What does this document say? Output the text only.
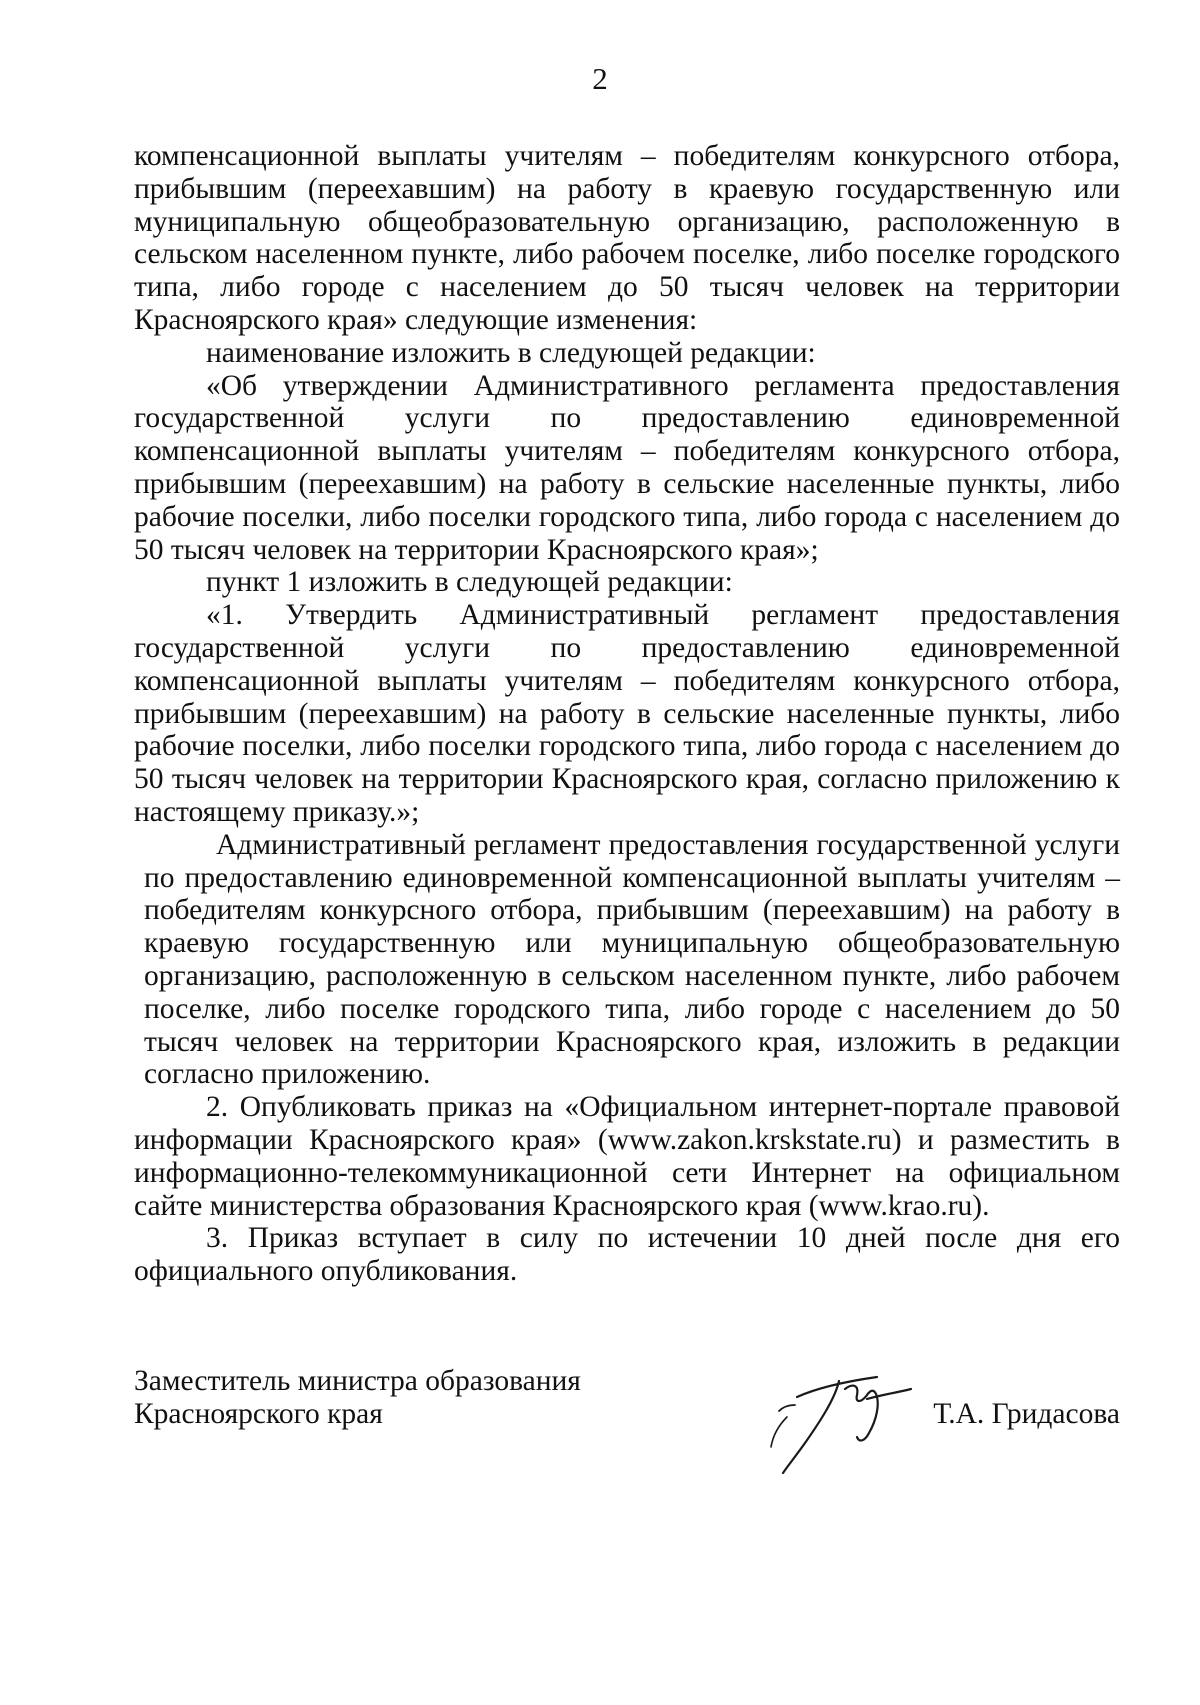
2

компенсационной выплаты учителям – победителям конкурсного отбора, прибывшим (переехавшим) на работу в краевую государственную или муниципальную общеобразовательную организацию, расположенную в сельском населенном пункте, либо рабочем поселке, либо поселке городского типа, либо городе с населением до 50 тысяч человек на территории Красноярского края» следующие изменения:

наименование изложить в следующей редакции:

«Об утверждении Административного регламента предоставления государственной услуги по предоставлению единовременной компенсационной выплаты учителям – победителям конкурсного отбора, прибывшим (переехавшим) на работу в сельские населенные пункты, либо рабочие поселки, либо поселки городского типа, либо города с населением до 50 тысяч человек на территории Красноярского края»;

пункт 1 изложить в следующей редакции:

«1. Утвердить Административный регламент предоставления государственной услуги по предоставлению единовременной компенсационной выплаты учителям – победителям конкурсного отбора, прибывшим (переехавшим) на работу в сельские населенные пункты, либо рабочие поселки, либо поселки городского типа, либо города с населением до 50 тысяч человек на территории Красноярского края, согласно приложению к настоящему приказу.»;

Административный регламент предоставления государственной услуги по предоставлению единовременной компенсационной выплаты учителям – победителям конкурсного отбора, прибывшим (переехавшим) на работу в краевую государственную или муниципальную общеобразовательную организацию, расположенную в сельском населенном пункте, либо рабочем поселке, либо поселке городского типа, либо городе с населением до 50 тысяч человек на территории Красноярского края, изложить в редакции согласно приложению.

2. Опубликовать приказ на «Официальном интернет-портале правовой информации Красноярского края» (www.zakon.krskstate.ru) и разместить в информационно-телекоммуникационной сети Интернет на официальном сайте министерства образования Красноярского края (www.krao.ru).

3. Приказ вступает в силу по истечении 10 дней после дня его официального опубликования.

Заместитель министра образования
Красноярского края	Т.А. Гридасова
